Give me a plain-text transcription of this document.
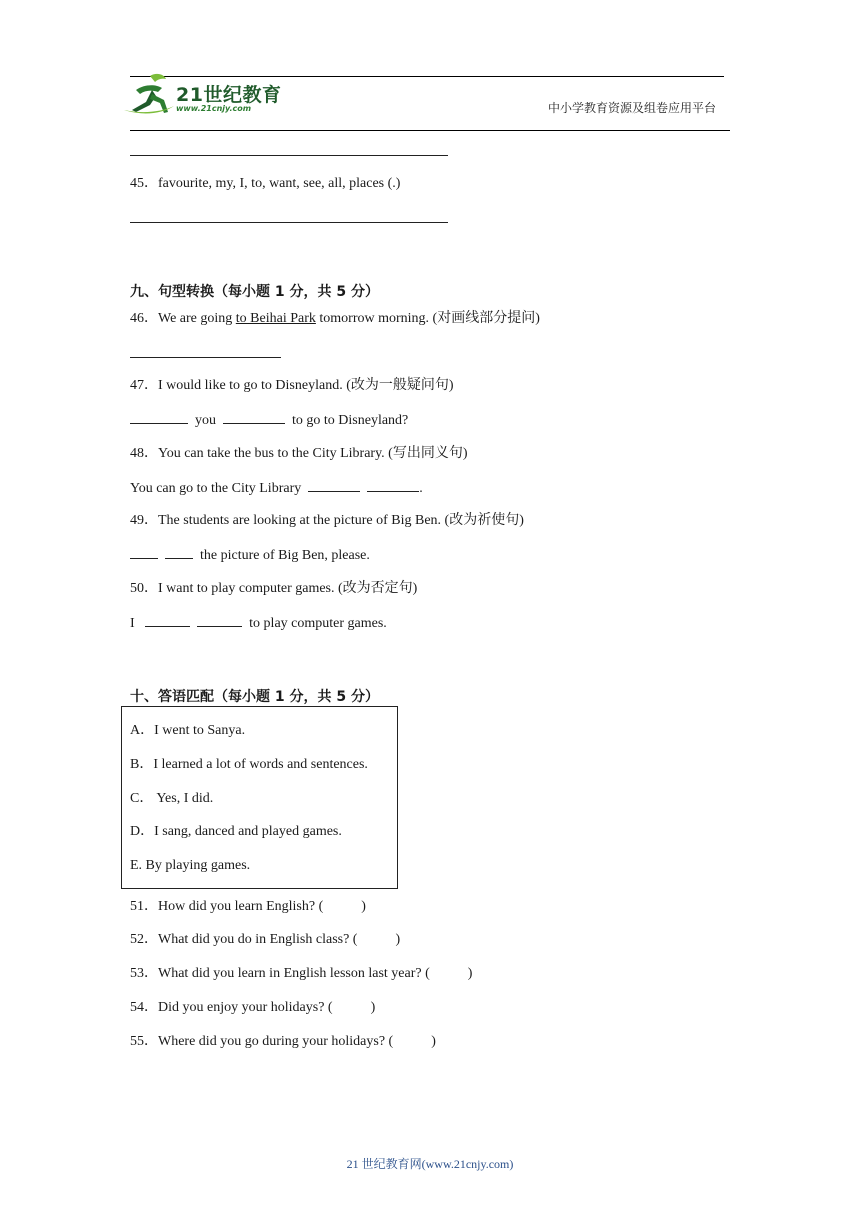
21世纪教育
www.21cnjy.com	中小学教育资源及组卷应用平台
45．favourite, my, I, to, want, see, all, places (.)
九、句型转换（每小题 1 分，共 5 分）
46．We are going to Beihai Park tomorrow morning. (对画线部分提问)
47．I would like to go to Disneyland. (改为一般疑问句)
you	to go to Disneyland?
48．You can take the bus to the City Library. (写出同义句)
You can go to the City Library	.
49．The students are looking at the picture of Big Ben. (改为祈使句)
the picture of Big Ben, please.
50．I want to play computer games. (改为否定句)
I	to play computer games.
十、答语匹配（每小题 1 分，共 5 分）
A．I went to Sanya.
B．I learned a lot of words and sentences.
C． Yes, I did.
D．I sang, danced and played games.
E. By playing games.
51．How did you learn English? (	)
52．What did you do in English class? (	)
53．What did you learn in English lesson last year? (	)
54．Did you enjoy your holidays? (	)
55．Where did you go during your holidays? (	)
21 世纪教育网(www.21cnjy.com)
